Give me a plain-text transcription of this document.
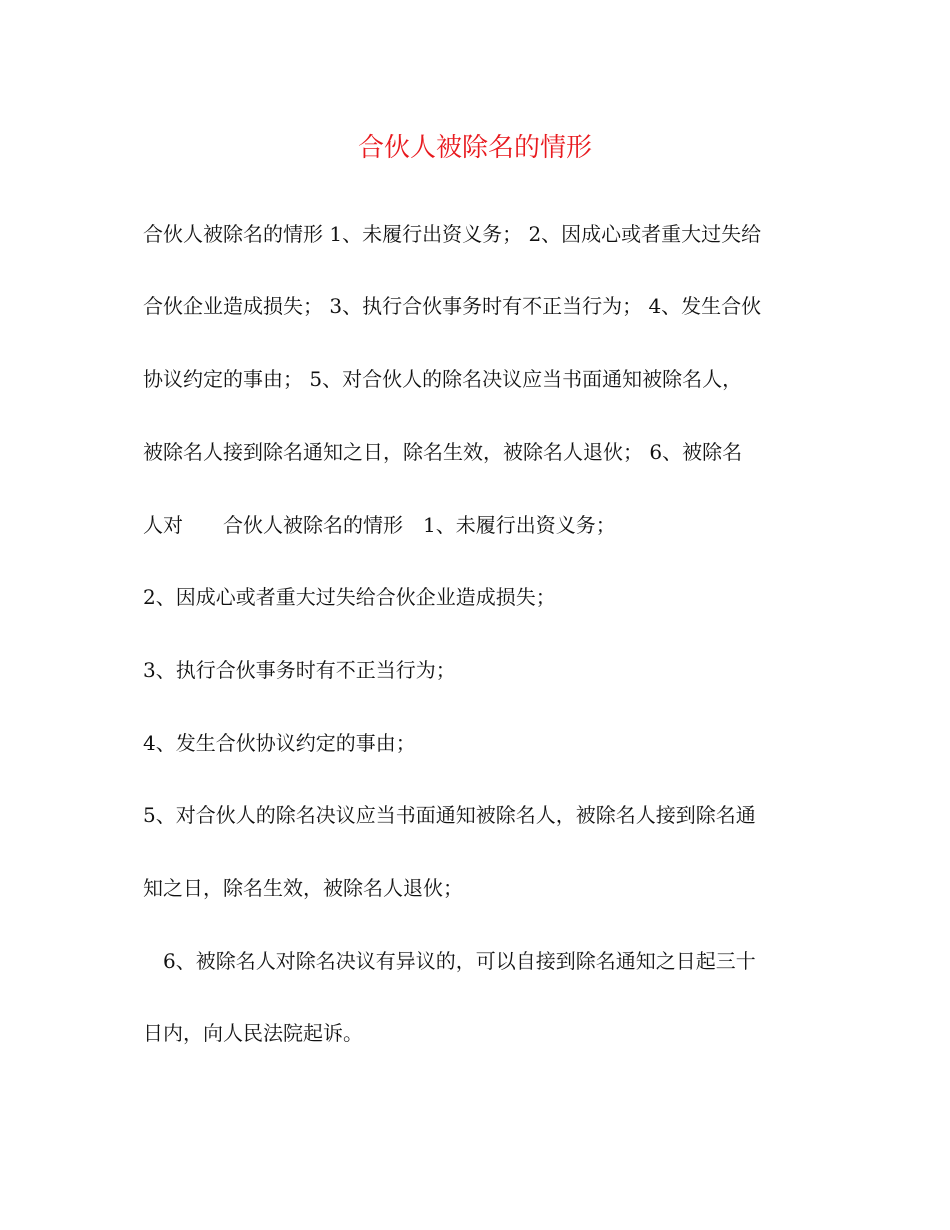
合伙人被除名的情形

合伙人被除名的情形 1、未履行出资义务； 2、因成心或者重大过失给

合伙企业造成损失； 3、执行合伙事务时有不正当行为； 4、发生合伙

协议约定的事由； 5、对合伙人的除名决议应当书面通知被除名人，

被除名人接到除名通知之日，除名生效，被除名人退伙； 6、被除名

人对　　合伙人被除名的情形　1、未履行出资义务；

2、因成心或者重大过失给合伙企业造成损失；

3、执行合伙事务时有不正当行为；

4、发生合伙协议约定的事由；

5、对合伙人的除名决议应当书面通知被除名人，被除名人接到除名通

知之日，除名生效，被除名人退伙；

　6、被除名人对除名决议有异议的，可以自接到除名通知之日起三十

日内，向人民法院起诉。
